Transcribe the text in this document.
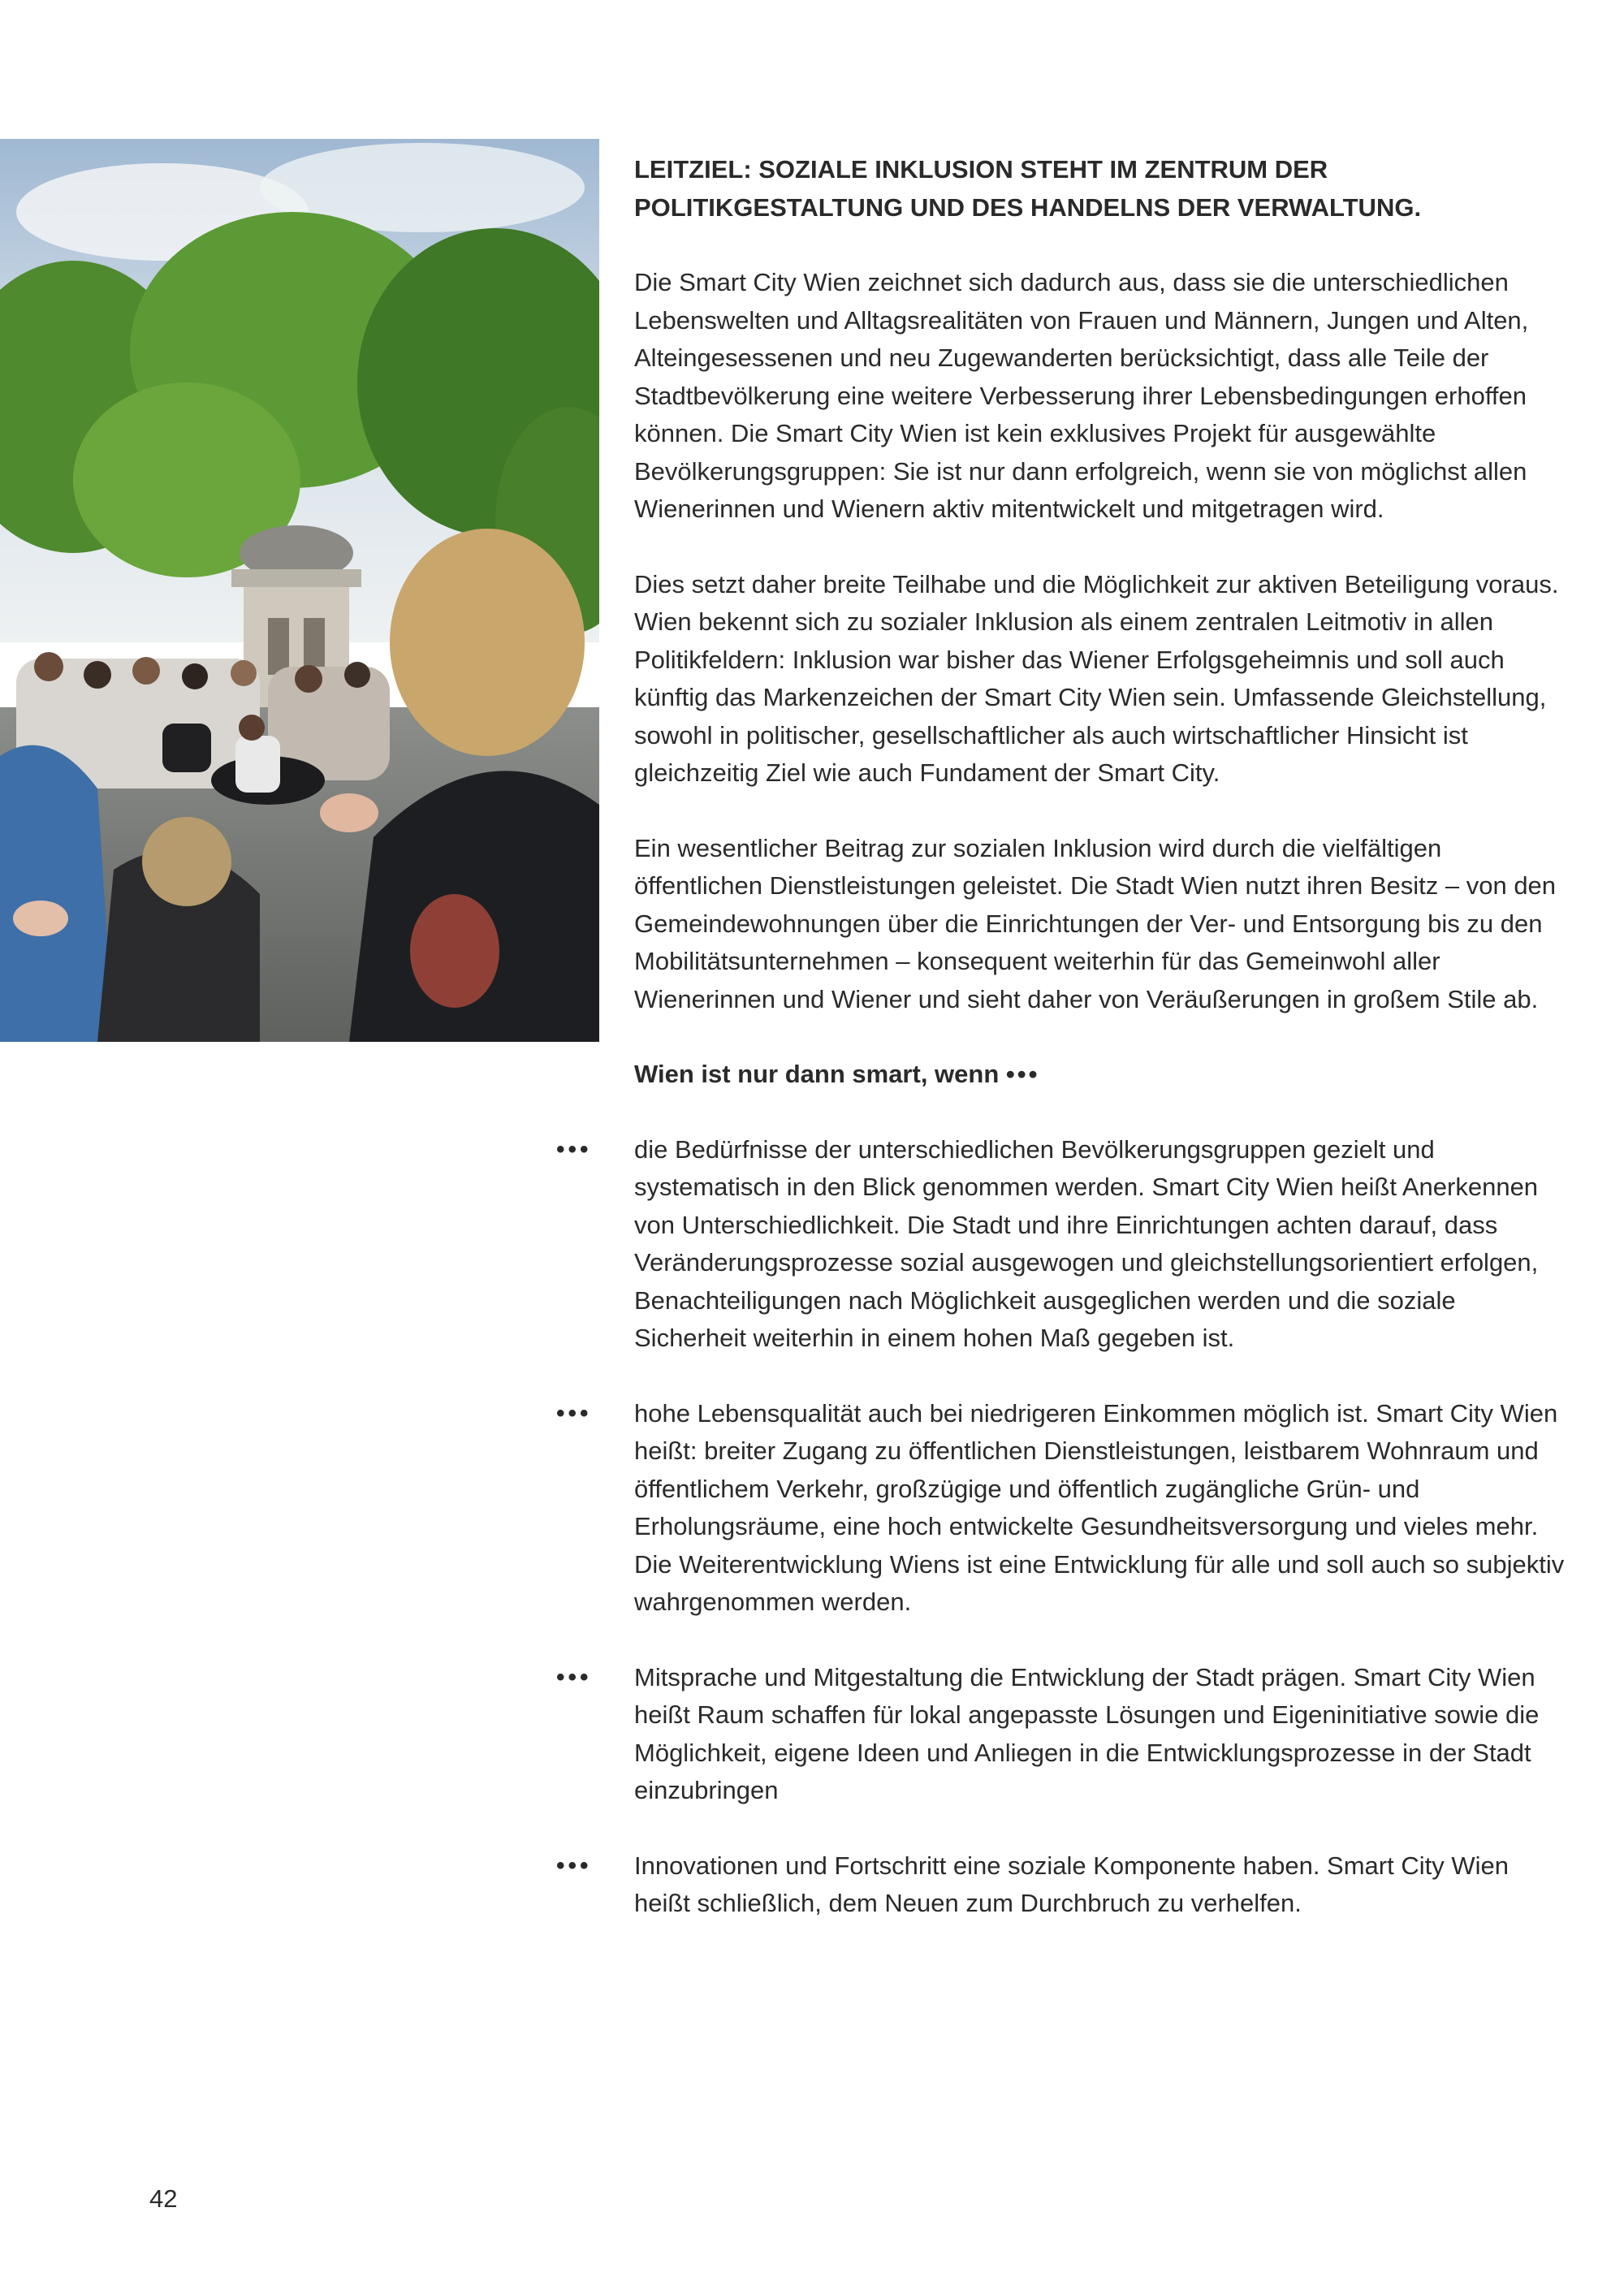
LEITZIEL: SOZIALE INKLUSION STEHT IM ZENTRUM DER POLITIKGESTALTUNG UND DES HANDELNS DER VERWALTUNG.

Die Smart City Wien zeichnet sich dadurch aus, dass sie die unterschiedlichen Lebenswelten und Alltagsrealitäten von Frauen und Männern, Jungen und Alten, Alteingesessenen und neu Zugewanderten berücksichtigt, dass alle Teile der Stadtbevölkerung eine weitere Verbesserung ihrer Lebensbedingungen erhoffen können. Die Smart City Wien ist kein exklusives Projekt für ausgewählte Bevölkerungsgruppen: Sie ist nur dann erfolgreich, wenn sie von möglichst allen Wienerinnen und Wienern aktiv mitentwickelt und mitgetragen wird.

Dies setzt daher breite Teilhabe und die Möglichkeit zur aktiven Beteiligung voraus. Wien bekennt sich zu sozialer Inklusion als einem zentralen Leitmotiv in allen Politikfeldern: Inklusion war bisher das Wiener Erfolgsgeheimnis und soll auch künftig das Markenzeichen der Smart City Wien sein. Umfassende Gleichstellung, sowohl in politischer, gesellschaftlicher als auch wirtschaftlicher Hinsicht ist gleichzeitig Ziel wie auch Fundament der Smart City.

Ein wesentlicher Beitrag zur sozialen Inklusion wird durch die vielfältigen öffentlichen Dienstleistungen geleistet. Die Stadt Wien nutzt ihren Besitz – von den Gemeindewohnungen über die Einrichtungen der Ver- und Entsorgung bis zu den Mobilitätsunternehmen – konsequent weiterhin für das Gemeinwohl aller Wienerinnen und Wiener und sieht daher von Veräußerungen in großem Stile ab.

Wien ist nur dann smart, wenn •••

•••	die Bedürfnisse der unterschiedlichen Bevölkerungsgruppen gezielt und systematisch in den Blick genommen werden. Smart City Wien heißt Anerkennen von Unterschiedlichkeit. Die Stadt und ihre Einrichtungen achten darauf, dass Veränderungsprozesse sozial ausgewogen und gleichstellungsorientiert erfolgen, Benachteiligungen nach Möglichkeit ausgeglichen werden und die soziale Sicherheit weiterhin in einem hohen Maß gegeben ist.
•••	hohe Lebensqualität auch bei niedrigeren Einkommen möglich ist. Smart City Wien heißt: breiter Zugang zu öffentlichen Dienstleistungen, leistbarem Wohnraum und öffentlichem Verkehr, großzügige und öffentlich zugängliche Grün- und Erholungsräume, eine hoch entwickelte Gesundheitsversorgung und vieles mehr. Die Weiterentwicklung Wiens ist eine Entwicklung für alle und soll auch so subjektiv wahrgenommen werden.
•••	Mitsprache und Mitgestaltung die Entwicklung der Stadt prägen. Smart City Wien heißt Raum schaffen für lokal angepasste Lösungen und Eigeninitiative sowie die Möglichkeit, eigene Ideen und Anliegen in die Entwicklungsprozesse in der Stadt einzubringen
•••	Innovationen und Fortschritt eine soziale Komponente haben. Smart City Wien heißt schließlich, dem Neuen zum Durchbruch zu verhelfen.
42
